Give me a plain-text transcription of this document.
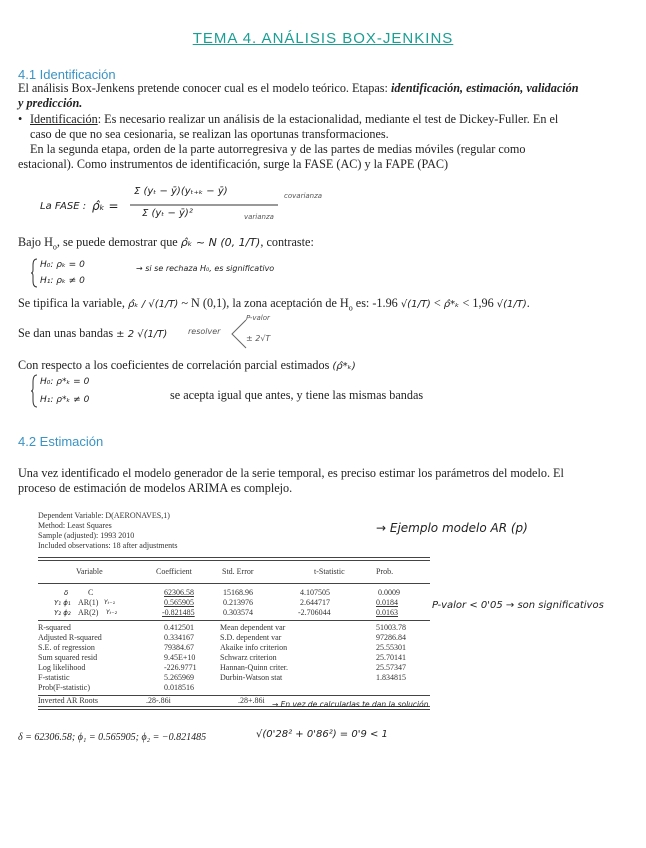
TEMA 4. ANÁLISIS BOX-JENKINS
4.1 Identificación
El análisis Box-Jenkens pretende conocer cual es el modelo teórico. Etapas: identificación, estimación, validación
y predicción.
• Identificación: Es necesario realizar un análisis de la estacionalidad, mediante el test de Dickey-Fuller. En el
caso de que no sea cesionaria, se realizan las oportunas transformaciones.
En la segunda etapa, orden de la parte autorregresiva y de las partes de medias móviles (regular como
estacional). Como instrumentos de identificación, surge la FASE (AC) y la FAPE (PAC)
La FASE : ρ̂ₖ =
Σ (yₜ − ȳ)(yₜ₊ₖ − ȳ)
Σ (yₜ − ȳ)²
covarianza
varianza
Bajo $H_o$, se puede demostrar que ρ̂ₖ ~ N (0, 1/T), contraste:
H₀: ρₖ = 0
H₁: ρₖ ≠ 0
→ si se rechaza H₀, es significativo
Se tipifica la variable, ρ̂ₖ / √(1/T) ~ N (0,1), la zona aceptación de $H_o$ es: -1.96 √(1/T) < ρ̂*ₖ < 1,96 √(1/T).
Se dan unas bandas ± 2 √(1/T)	resolver
P-valor
± 2√T
Con respecto a los coeficientes de correlación parcial estimados (ρ̂*ₖ)
H₀: ρ*ₖ = 0
H₁: ρ*ₖ ≠ 0	se acepta igual que antes, y tiene las mismas bandas
4.2 Estimación
Una vez identificado el modelo generador de la serie temporal, es preciso estimar los parámetros del modelo. El
proceso de estimación de modelos ARIMA es complejo.
Dependent Variable: D(AERONAVES,1)
Method: Least Squares
Sample (adjusted): 1993 2010
Included observations: 18 after adjustments
Variable	Coefficient	Std. Error	t-Statistic	Prob.
δ C	62306.58	15168.96	4.107505	0.0009
Y₁ ϕ₁ AR(1) Yₜ₋₁	0.565905	0.213976	2.644717	0.0184
Y₂ ϕ₂ AR(2) Yₜ₋₂	-0.821485	0.303574	-2.706044	0.0163
R-squared	0.412501	Mean dependent var	51003.78
Adjusted R-squared	0.334167	S.D. dependent var	97286.84
S.E. of regression	79384.67	Akaike info criterion	25.55301
Sum squared resid	9.45E+10	Schwarz criterion	25.70141
Log likelihood	-226.9771	Hannan-Quinn criter.	25.57347
F-statistic	5.265969	Durbin-Watson stat	1.834815
Prob(F-statistic)	0.018516
Inverted AR Roots	.28-.86i	.28+.86i
→ Ejemplo modelo AR (p)
P-valor < 0'05 → son significativos
→ En vez de calcularlas te dan la solución
δ = 62306.58; ϕ₁ = 0.565905; ϕ₂ = −0.821485	√(0'28² + 0'86²) = 0'9 < 1
